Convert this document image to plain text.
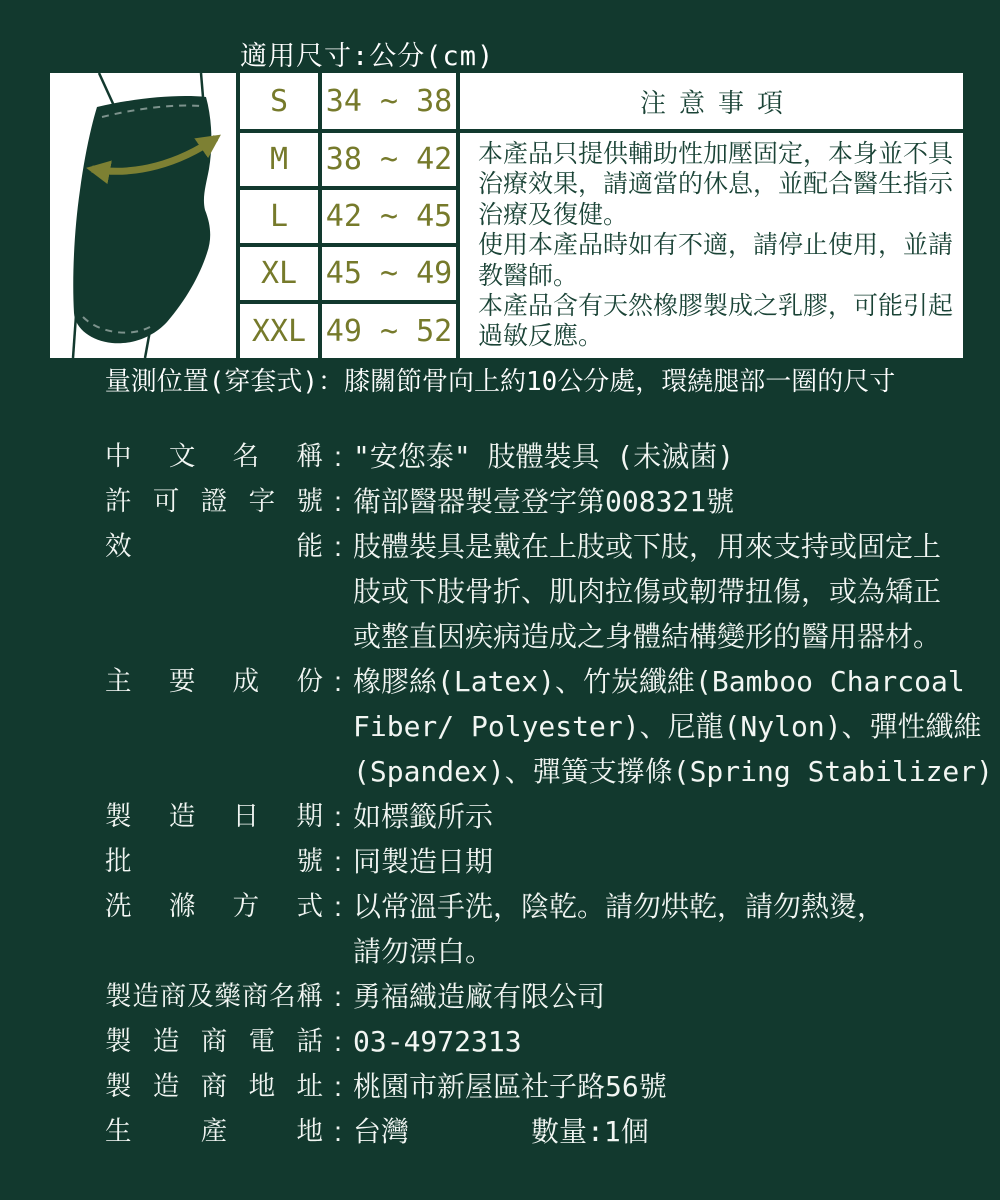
適用尺寸:公分(cm)
注意事項
本產品只提供輔助性加壓固定，本身並不具
治療效果，請適當的休息，並配合醫生指示
治療及復健。
使用本產品時如有不適，請停止使用，並請
教醫師。
本產品含有天然橡膠製成之乳膠，可能引起
過敏反應。
S	34 ~ 38
M	38 ~ 42
L	42 ~ 45
XL 45 ~ 49
XXL 49 ~ 52
量測位置(穿套式)：膝關節骨向上約10公分處，環繞腿部一圈的尺寸
中文名稱 : "安您泰" 肢體裝具 (未滅菌)
許可證字號 : 衛部醫器製壹登字第008321號
效能 : 肢體裝具是戴在上肢或下肢，用來支持或固定上
肢或下肢骨折、肌肉拉傷或韌帶扭傷，或為矯正
或整直因疾病造成之身體結構變形的醫用器材。
主要成份 : 橡膠絲(Latex)、竹炭纖維(Bamboo Charcoal
Fiber/ Polyester)、尼龍(Nylon)、彈性纖維
(Spandex)、彈簧支撐條(Spring Stabilizer)
製造日期 : 如標籤所示
批號 : 同製造日期
洗滌方式 : 以常溫手洗，陰乾。請勿烘乾，請勿熱燙，
請勿漂白。
製造商及藥商名稱 : 勇福織造廠有限公司
製造商電話 : 03-4972313
製造商地址 : 桃園市新屋區社子路56號
生產地 : 台灣	數量:1個
